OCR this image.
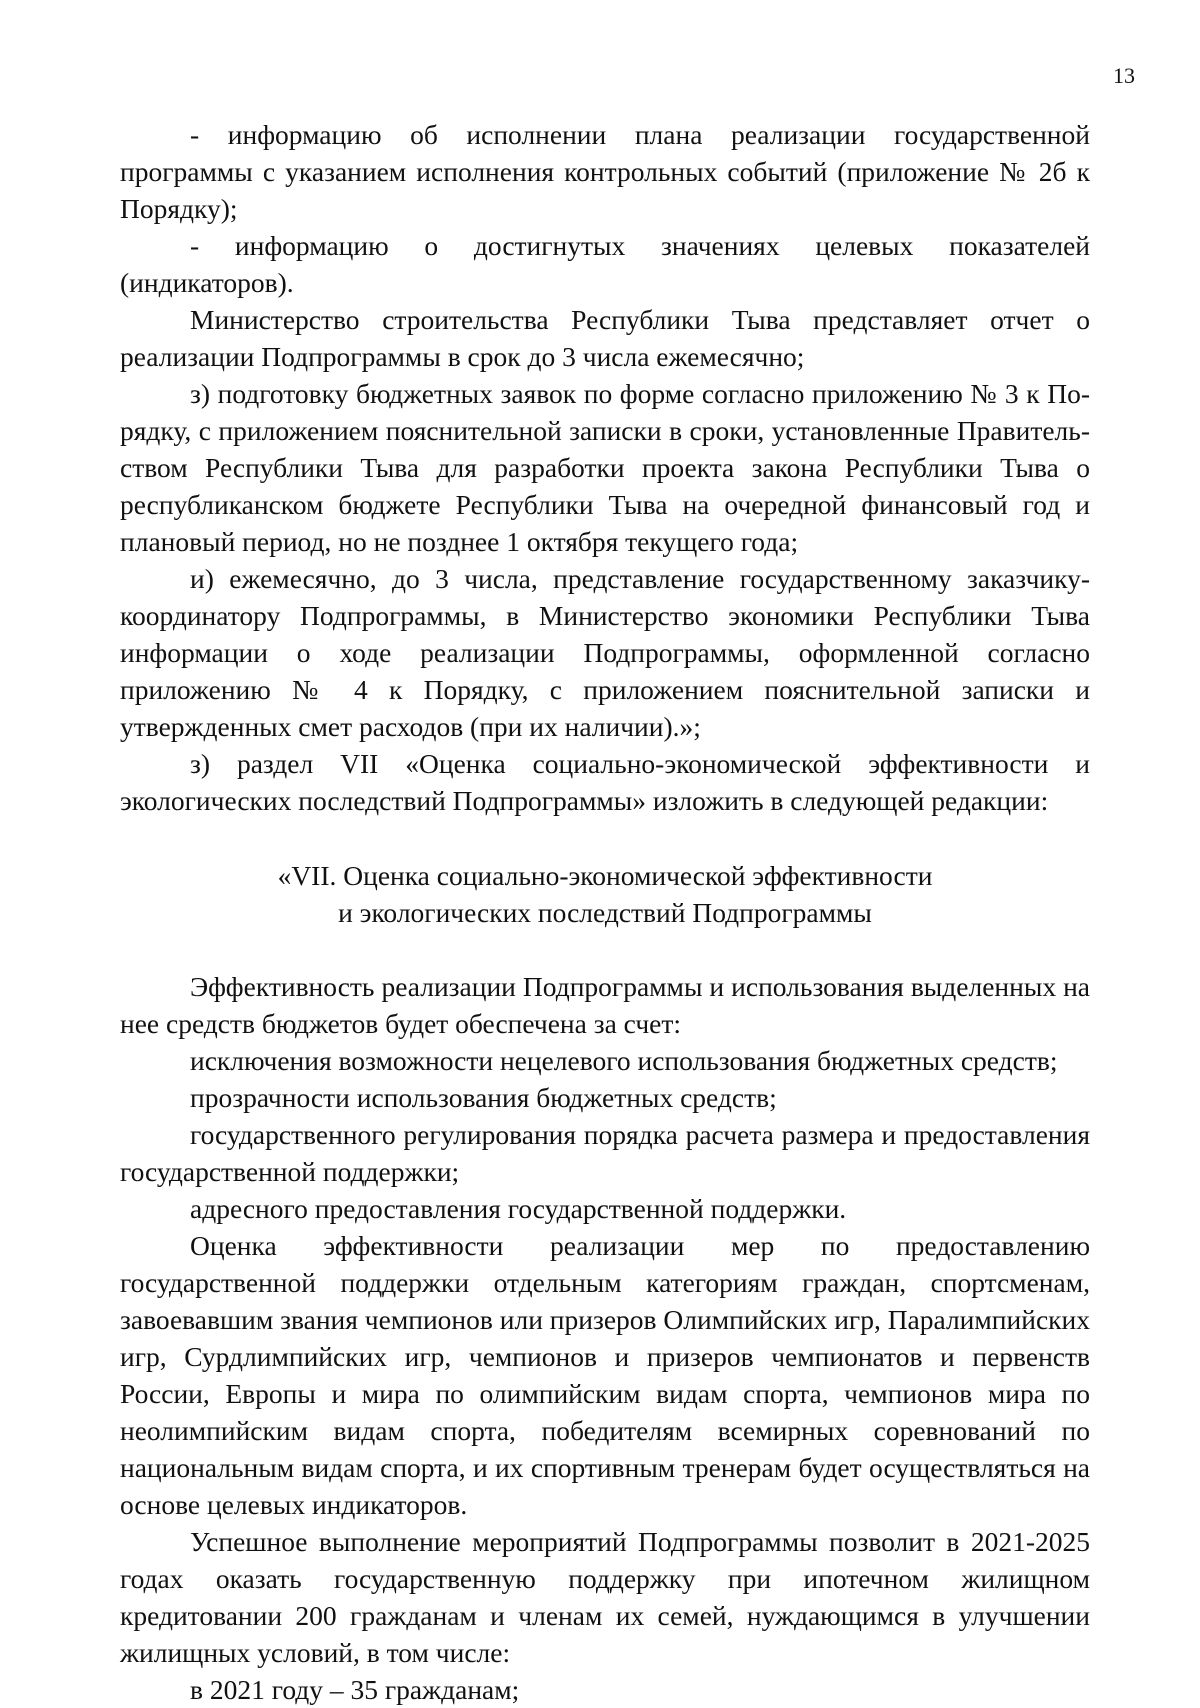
13

- информацию об исполнении плана реализации государственной программы с указанием исполнения контрольных событий (приложение № 2б к Порядку);

- информацию о достигнутых значениях целевых показателей (индикаторов).

Министерство строительства Республики Тыва представляет отчет о реализации Подпрограммы в срок до 3 числа ежемесячно;

з) подготовку бюджетных заявок по форме согласно приложению № 3 к Порядку, с приложением пояснительной записки в сроки, установленные Правительством Республики Тыва для разработки проекта закона Республики Тыва о республиканском бюджете Республики Тыва на очередной финансовый год и плановый период, но не позднее 1 октября текущего года;

и) ежемесячно, до 3 числа, представление государственному заказчику-координатору Подпрограммы, в Министерство экономики Республики Тыва информации о ходе реализации Подпрограммы, оформленной согласно приложению № 4 к Порядку, с приложением пояснительной записки и утвержденных смет расходов (при их наличии).»;

з) раздел VII «Оценка социально-экономической эффективности и экологических последствий Подпрограммы» изложить в следующей редакции:

«VII. Оценка социально-экономической эффективности
и экологических последствий Подпрограммы

Эффективность реализации Подпрограммы и использования выделенных на нее средств бюджетов будет обеспечена за счет:

исключения возможности нецелевого использования бюджетных средств;

прозрачности использования бюджетных средств;

государственного регулирования порядка расчета размера и предоставления государственной поддержки;

адресного предоставления государственной поддержки.

Оценка эффективности реализации мер по предоставлению государственной поддержки отдельным категориям граждан, спортсменам, завоевавшим звания чемпионов или призеров Олимпийских игр, Паралимпийских игр, Сурдлимпийских игр, чемпионов и призеров чемпионатов и первенств России, Европы и мира по олимпийским видам спорта, чемпионов мира по неолимпийским видам спорта, победителям всемирных соревнований по национальным видам спорта, и их спортивным тренерам будет осуществляться на основе целевых индикаторов.

Успешное выполнение мероприятий Подпрограммы позволит в 2021-2025 годах оказать государственную поддержку при ипотечном жилищном кредитовании 200 гражданам и членам их семей, нуждающимся в улучшении жилищных условий, в том числе:

в 2021 году – 35 гражданам;
